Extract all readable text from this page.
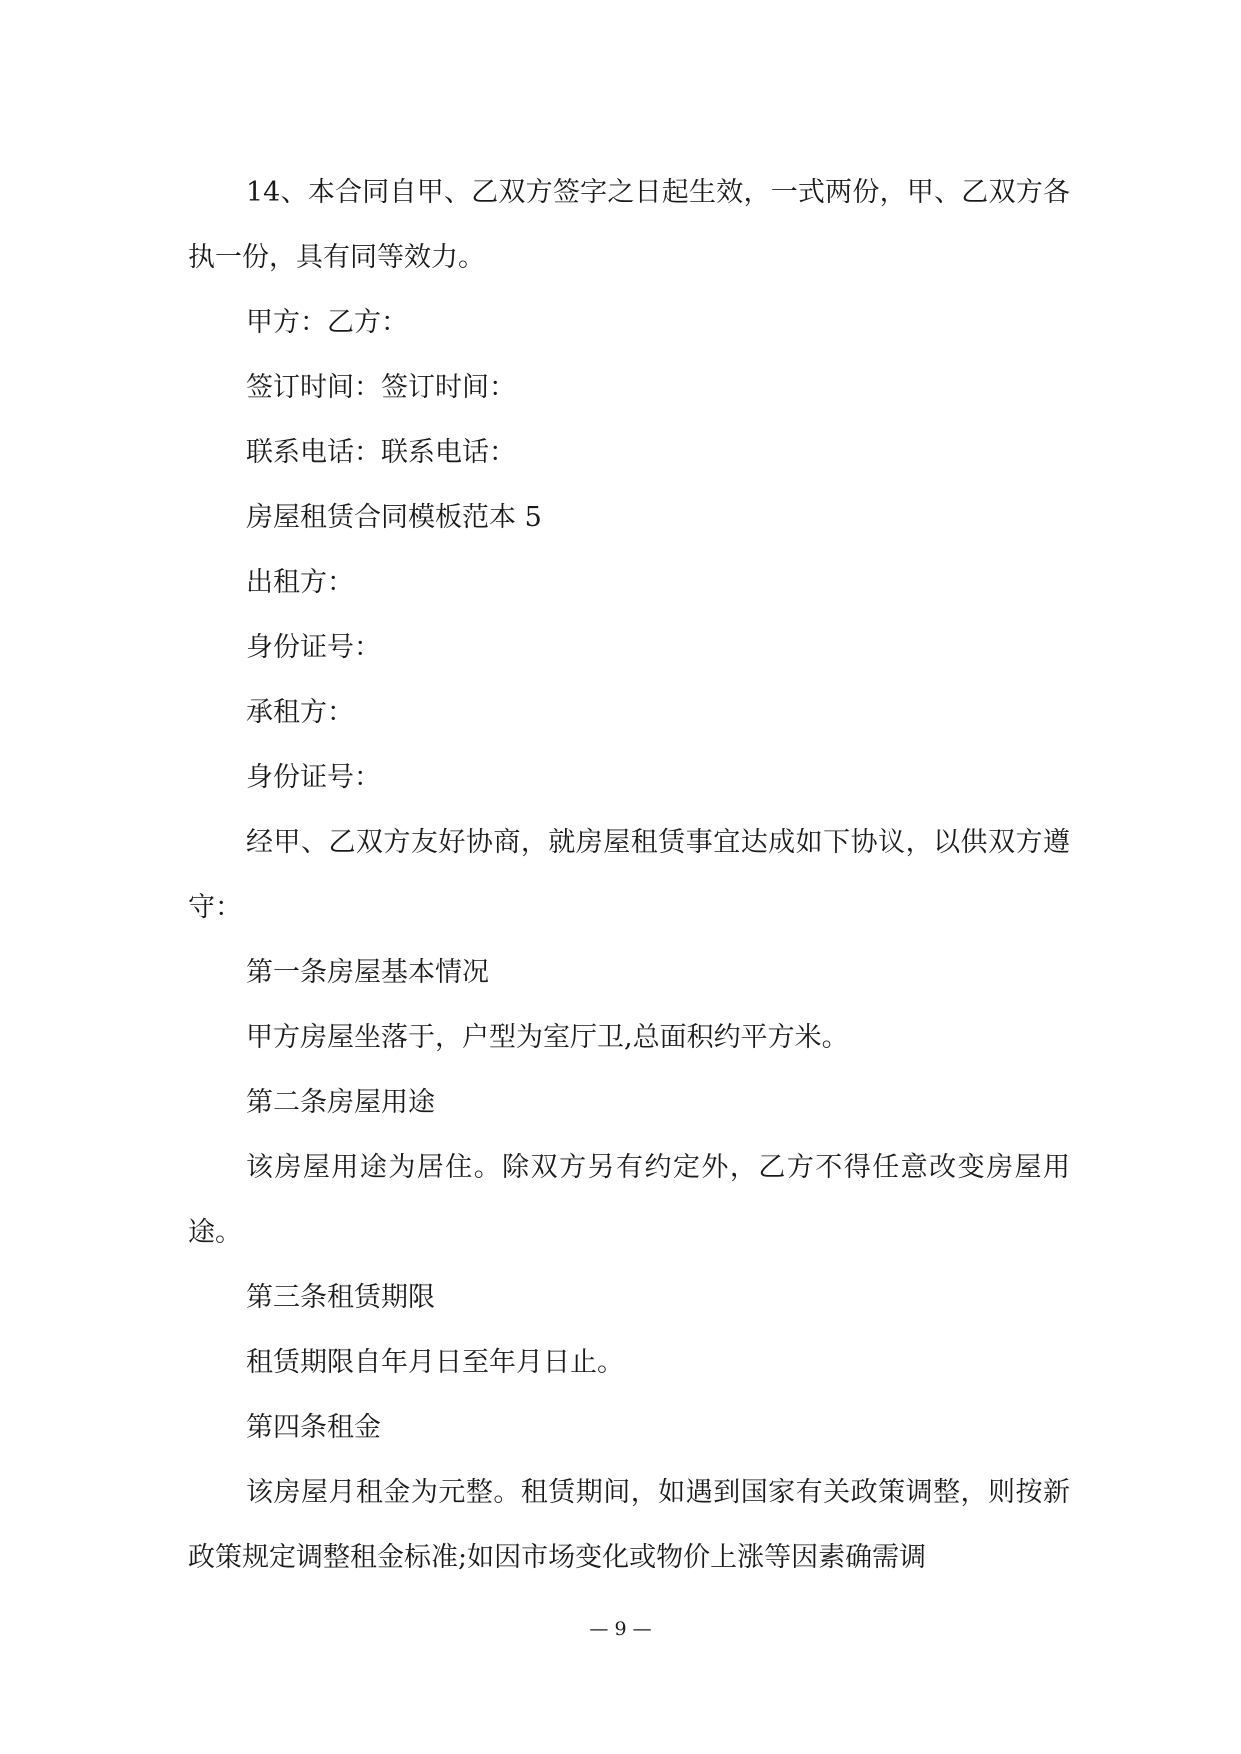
14、本合同自甲、乙双方签字之日起生效，一式两份，甲、乙双方各执一份，具有同等效力。

甲方：乙方：

签订时间：签订时间：

联系电话：联系电话：

房屋租赁合同模板范本 5

出租方：

身份证号：

承租方：

身份证号：

经甲、乙双方友好协商，就房屋租赁事宜达成如下协议，以供双方遵守：

第一条房屋基本情况

甲方房屋坐落于，户型为室厅卫,总面积约平方米。

第二条房屋用途

该房屋用途为居住。除双方另有约定外，乙方不得任意改变房屋用途。

第三条租赁期限

租赁期限自年月日至年月日止。

第四条租金

该房屋月租金为元整。租赁期间，如遇到国家有关政策调整，则按新政策规定调整租金标准;如因市场变化或物价上涨等因素确需调

— 9 —
